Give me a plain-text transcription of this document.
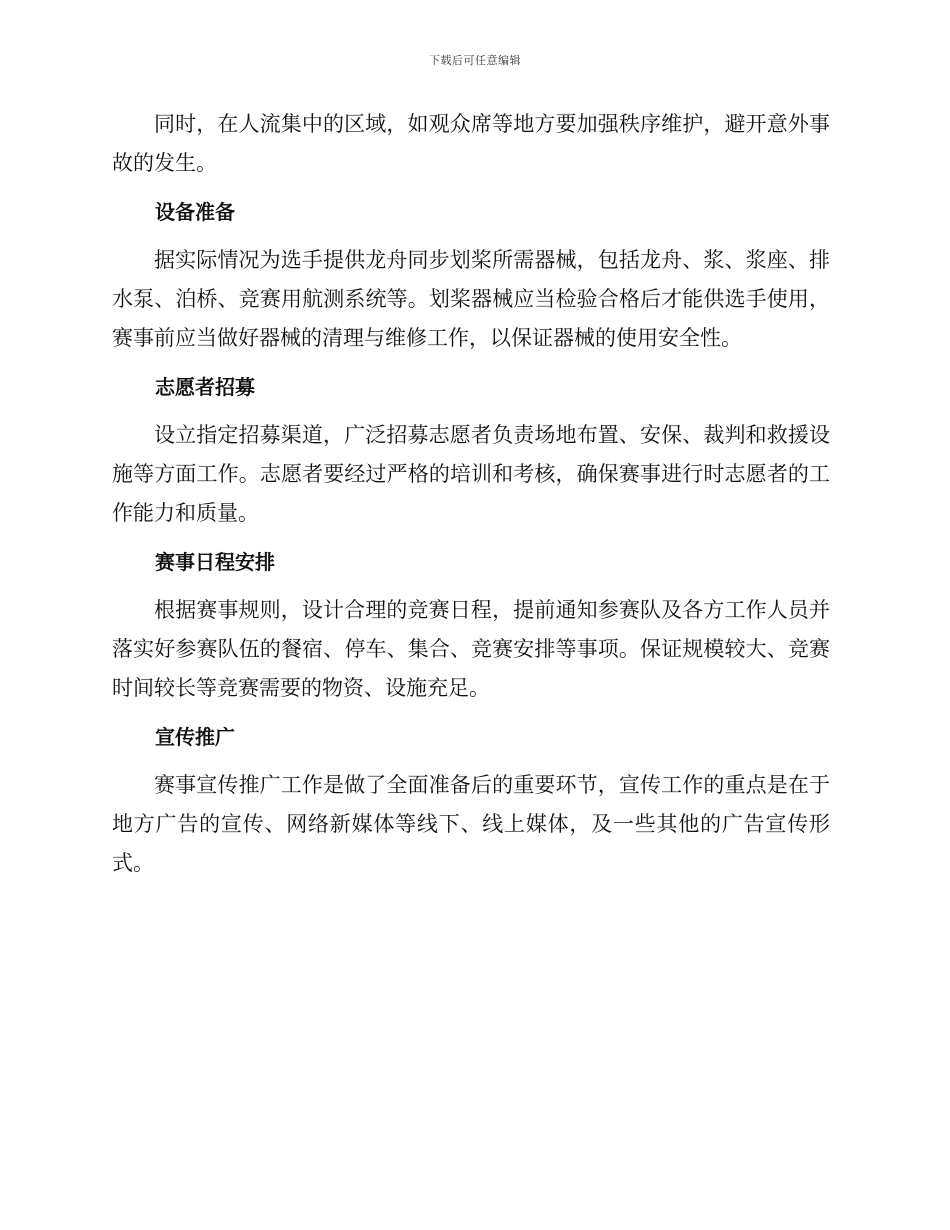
下载后可任意编辑

同时，在人流集中的区域，如观众席等地方要加强秩序维护，避开意外事故的发生。

设备准备

据实际情况为选手提供龙舟同步划桨所需器械，包括龙舟、浆、浆座、排水泵、泊桥、竞赛用航测系统等。划桨器械应当检验合格后才能供选手使用，赛事前应当做好器械的清理与维修工作，以保证器械的使用安全性。

志愿者招募

设立指定招募渠道，广泛招募志愿者负责场地布置、安保、裁判和救援设施等方面工作。志愿者要经过严格的培训和考核，确保赛事进行时志愿者的工作能力和质量。

赛事日程安排

根据赛事规则，设计合理的竞赛日程，提前通知参赛队及各方工作人员并落实好参赛队伍的餐宿、停车、集合、竞赛安排等事项。保证规模较大、竞赛时间较长等竞赛需要的物资、设施充足。

宣传推广

赛事宣传推广工作是做了全面准备后的重要环节，宣传工作的重点是在于地方广告的宣传、网络新媒体等线下、线上媒体，及一些其他的广告宣传形式。
